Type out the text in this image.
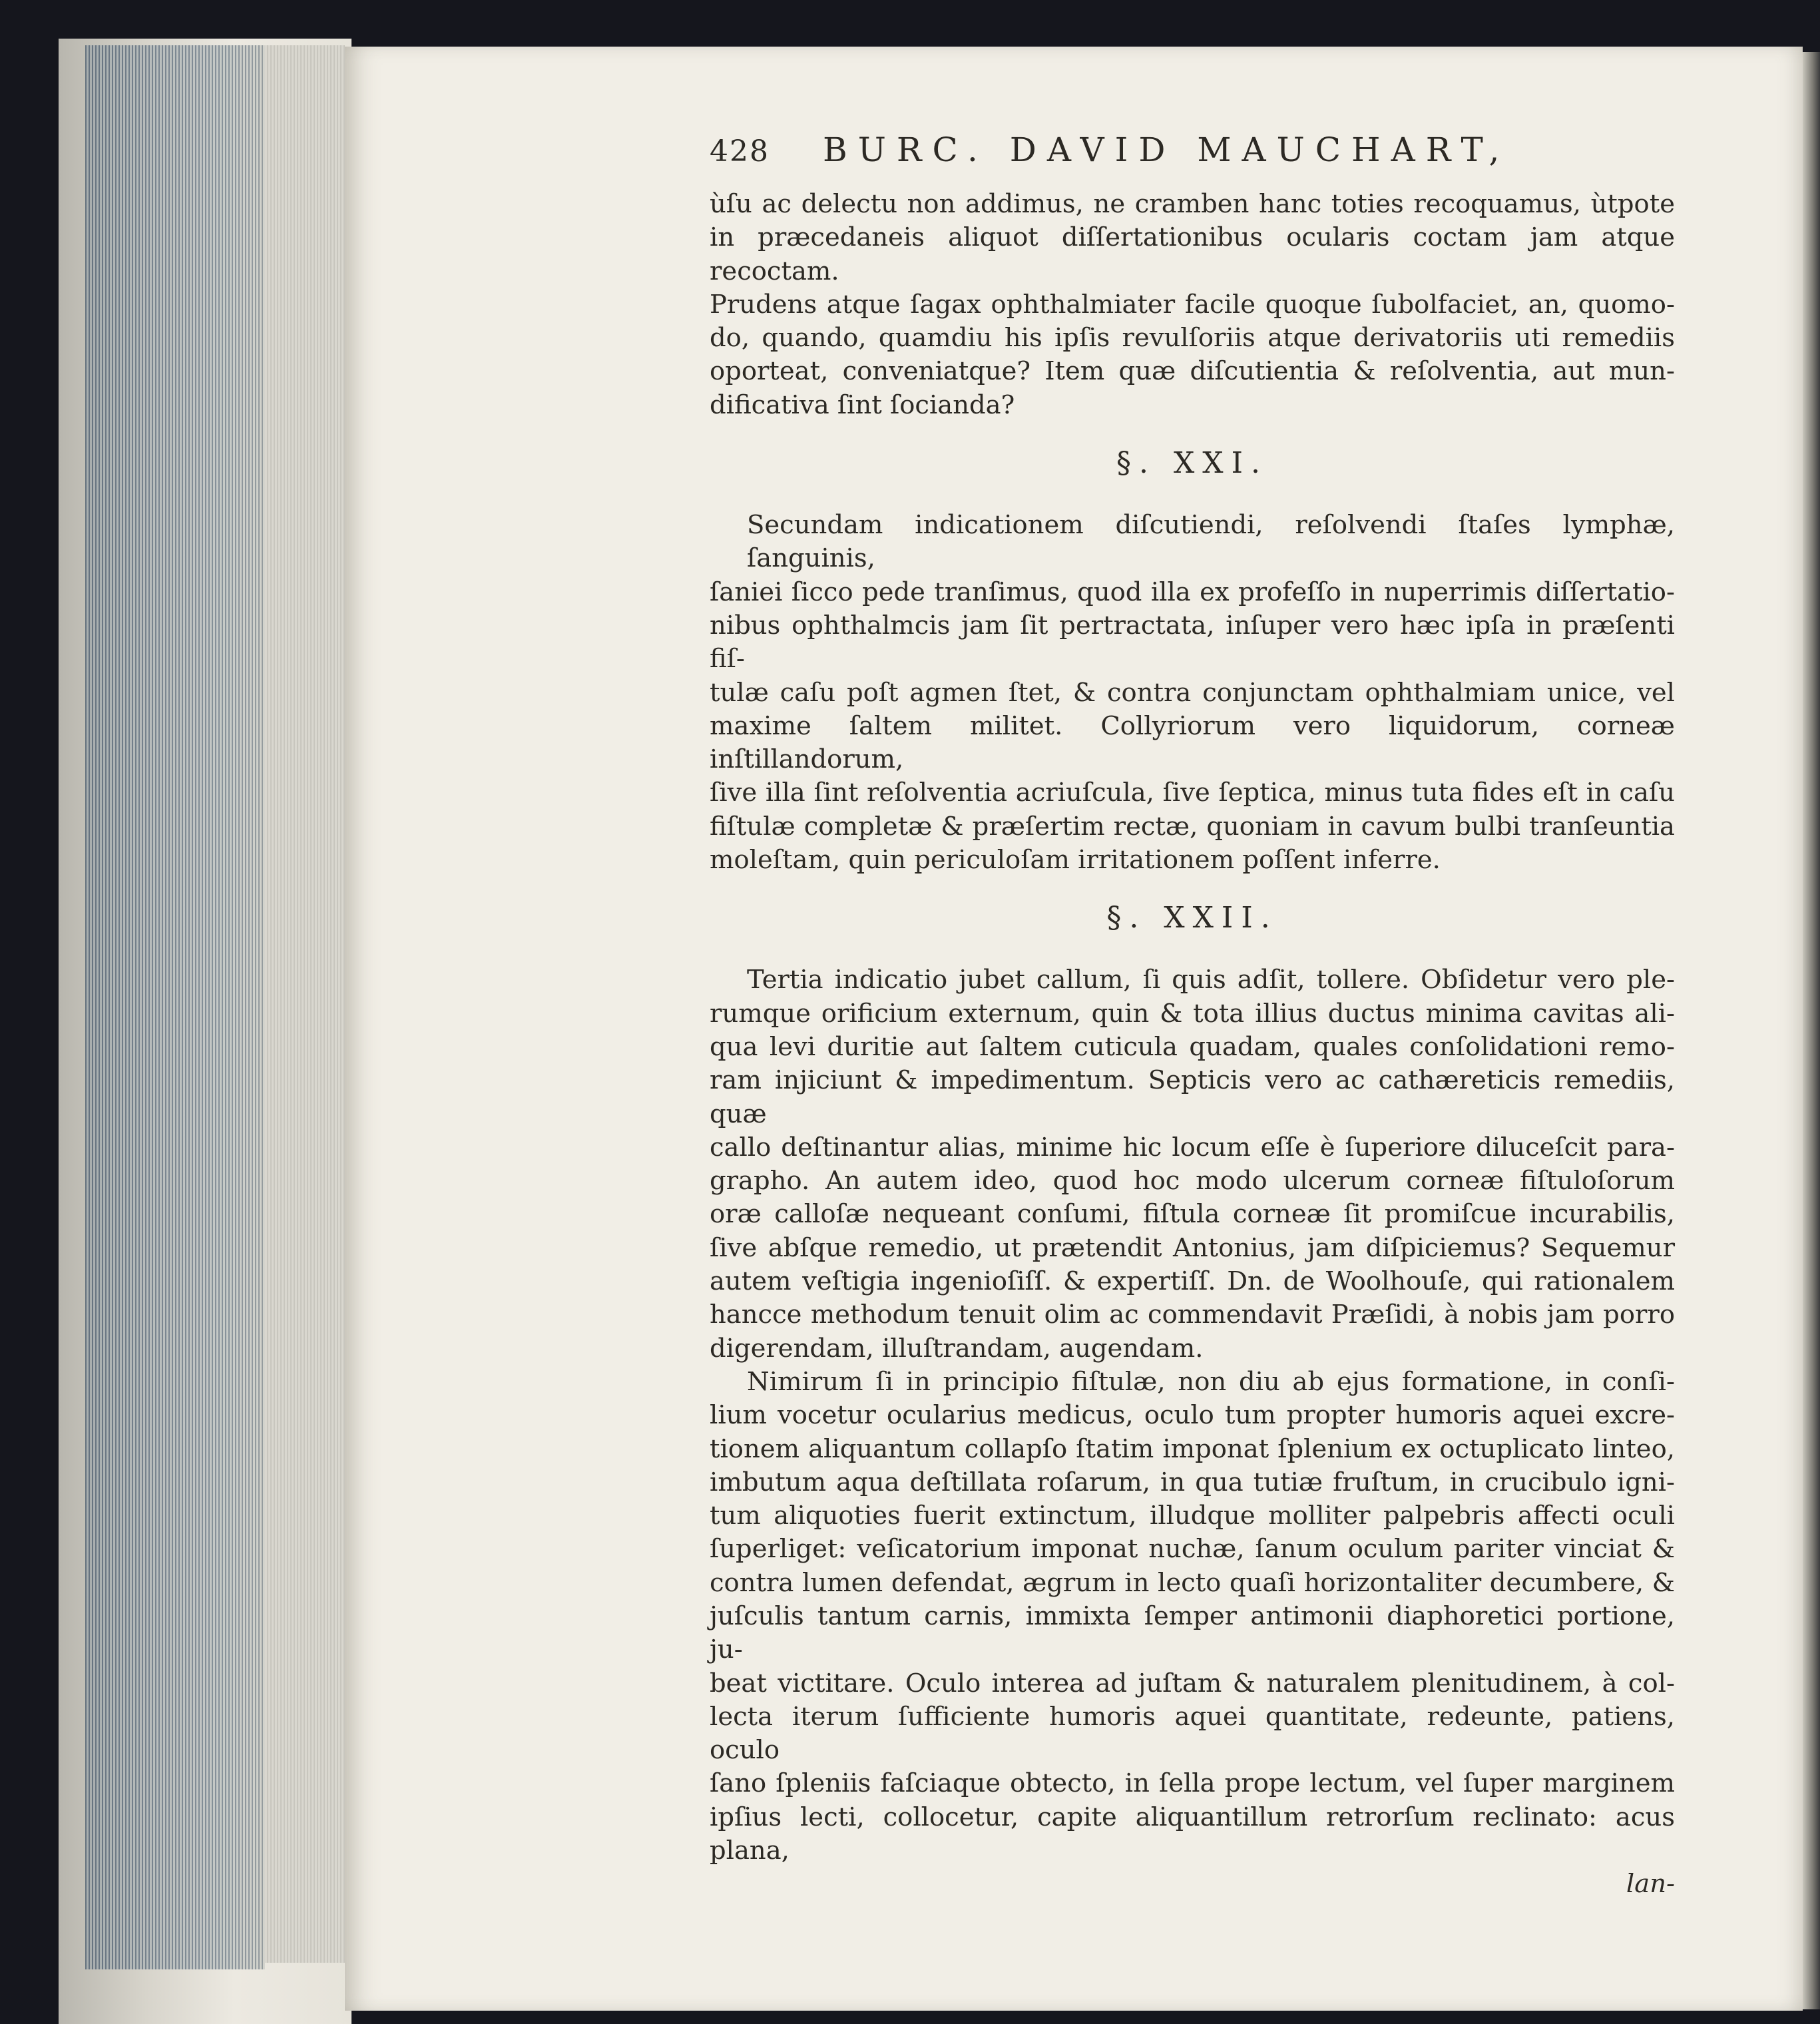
428	BURC. DAVID MAUCHART,

ùſu ac delectu non addimus, ne cramben hanc toties recoquamus, ùtpote

in præcedaneis aliquot diſſertationibus ocularis coctam jam atque recoctam.

Prudens atque ſagax ophthalmiater facile quoque ſubolfaciet, an, quomo-

do, quando, quamdiu his ipſis revulſoriis atque derivatoriis uti remediis

oporteat, conveniatque? Item quæ diſcutientia & reſolventia, aut mun-

dificativa ſint ſocianda?

§. XXI.

Secundam indicationem diſcutiendi, reſolvendi ſtaſes lymphæ, ſanguinis,

ſaniei ſicco pede tranſimus, quod illa ex profeſſo in nuperrimis diſſertatio-

nibus ophthalmcis jam ſit pertractata, inſuper vero hæc ipſa in præſenti fiſ-

tulæ caſu poſt agmen ſtet, & contra conjunctam ophthalmiam unice, vel

maxime ſaltem militet. Collyriorum vero liquidorum, corneæ inſtillandorum,

ſive illa ſint reſolventia acriuſcula, ſive ſeptica, minus tuta fides eſt in caſu

fiſtulæ completæ & præſertim rectæ, quoniam in cavum bulbi tranſeuntia

moleſtam, quin periculoſam irritationem poſſent inferre.

§. XXII.

Tertia indicatio jubet callum, ſi quis adſit, tollere. Obſidetur vero ple-

rumque orificium externum, quin & tota illius ductus minima cavitas ali-

qua levi duritie aut ſaltem cuticula quadam, quales conſolidationi remo-

ram injiciunt & impedimentum. Septicis vero ac cathæreticis remediis, quæ

callo deſtinantur alias, minime hic locum eſſe è ſuperiore diluceſcit para-

grapho. An autem ideo, quod hoc modo ulcerum corneæ fiſtuloſorum

oræ calloſæ nequeant conſumi, fiſtula corneæ ſit promiſcue incurabilis,

ſive abſque remedio, ut prætendit Antonius, jam diſpiciemus? Sequemur

autem veſtigia ingenioſiſſ. & expertiſſ. Dn. de Woolhouſe, qui rationalem

hancce methodum tenuit olim ac commendavit Præſidi, à nobis jam porro

digerendam, illuſtrandam, augendam.

Nimirum ſi in principio fiſtulæ, non diu ab ejus formatione, in conſi-

lium vocetur ocularius medicus, oculo tum propter humoris aquei excre-

tionem aliquantum collapſo ſtatim imponat ſplenium ex octuplicato linteo,

imbutum aqua deſtillata roſarum, in qua tutiæ fruſtum, in crucibulo igni-

tum aliquoties fuerit extinctum, illudque molliter palpebris affecti oculi

ſuperliget: veſicatorium imponat nuchæ, ſanum oculum pariter vinciat &

contra lumen defendat, ægrum in lecto quaſi horizontaliter decumbere, &

juſculis tantum carnis, immixta ſemper antimonii diaphoretici portione, ju-

beat victitare. Oculo interea ad juſtam & naturalem plenitudinem, à col-

lecta iterum ſufficiente humoris aquei quantitate, redeunte, patiens, oculo

ſano ſpleniis faſciaque obtecto, in ſella prope lectum, vel ſuper marginem

ipſius lecti, collocetur, capite aliquantillum retrorſum reclinato: acus plana,

lan-
